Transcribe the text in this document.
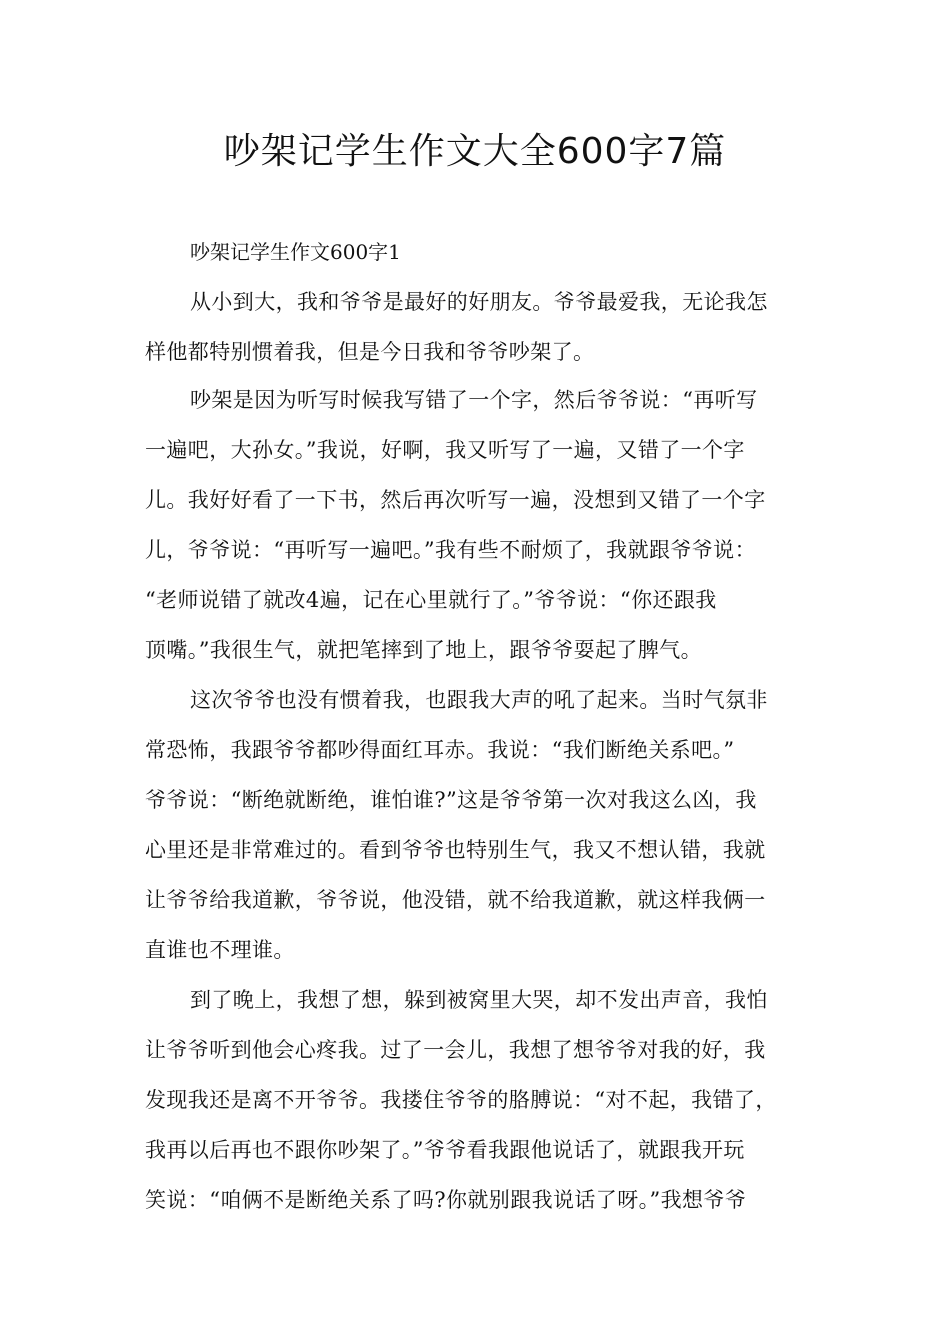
吵架记学生作文大全600字7篇

吵架记学生作文600字1

从小到大，我和爷爷是最好的好朋友。爷爷最爱我，无论我怎

样他都特别惯着我，但是今日我和爷爷吵架了。

吵架是因为听写时候我写错了一个字，然后爷爷说：“再听写

一遍吧，大孙女。”我说，好啊，我又听写了一遍，又错了一个字

儿。我好好看了一下书，然后再次听写一遍，没想到又错了一个字

儿，爷爷说：“再听写一遍吧。”我有些不耐烦了，我就跟爷爷说：

“老师说错了就改4遍，记在心里就行了。”爷爷说：“你还跟我

顶嘴。”我很生气，就把笔摔到了地上，跟爷爷耍起了脾气。

这次爷爷也没有惯着我，也跟我大声的吼了起来。当时气氛非

常恐怖，我跟爷爷都吵得面红耳赤。我说：“我们断绝关系吧。”

爷爷说：“断绝就断绝，谁怕谁?”这是爷爷第一次对我这么凶，我

心里还是非常难过的。看到爷爷也特别生气，我又不想认错，我就

让爷爷给我道歉，爷爷说，他没错，就不给我道歉，就这样我俩一

直谁也不理谁。

到了晚上，我想了想，躲到被窝里大哭，却不发出声音，我怕

让爷爷听到他会心疼我。过了一会儿，我想了想爷爷对我的好，我

发现我还是离不开爷爷。我搂住爷爷的胳膊说：“对不起，我错了，

我再以后再也不跟你吵架了。”爷爷看我跟他说话了，就跟我开玩

笑说：“咱俩不是断绝关系了吗?你就别跟我说话了呀。”我想爷爷
